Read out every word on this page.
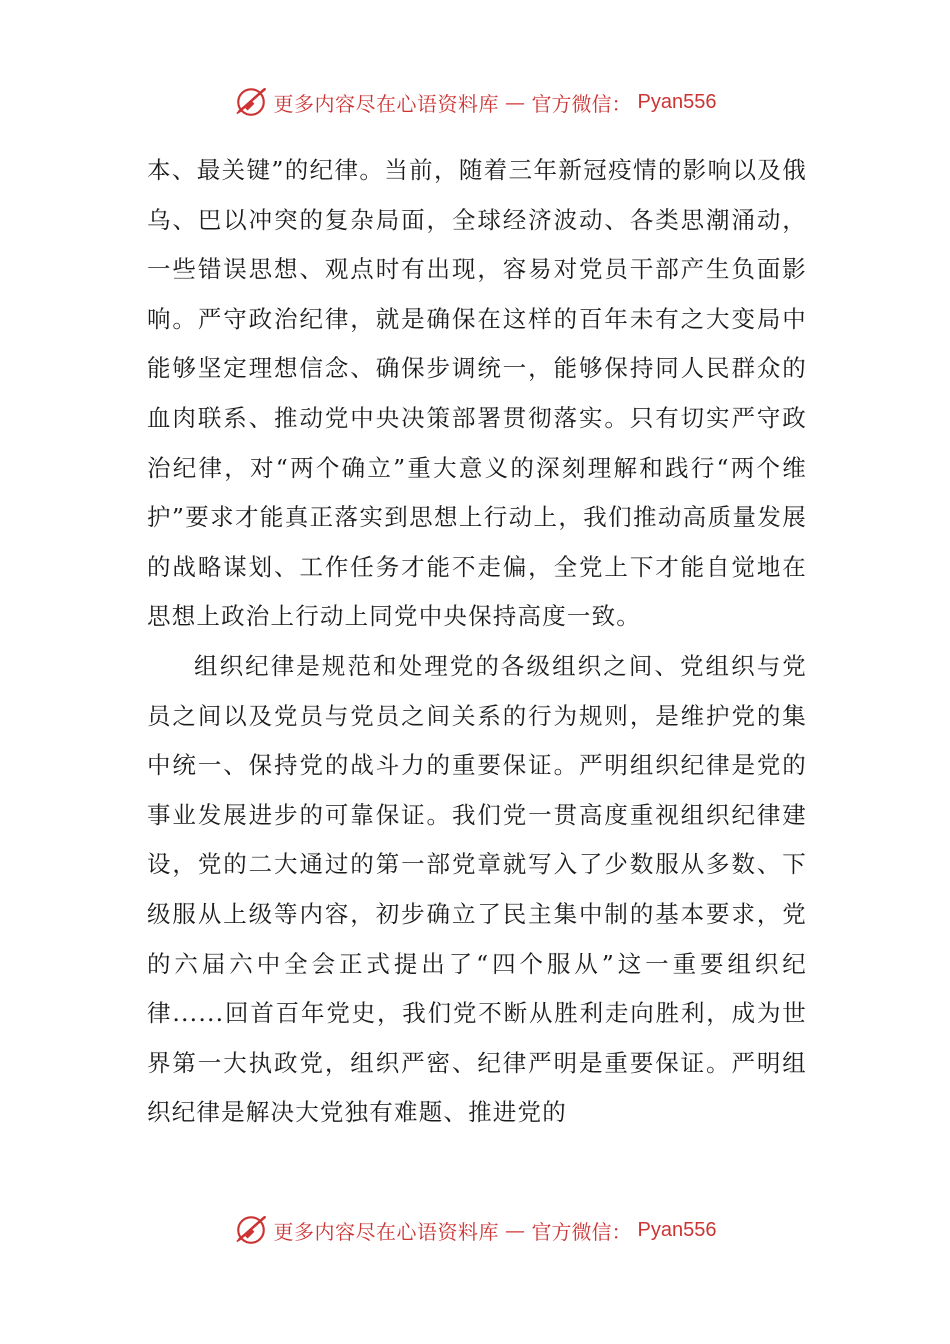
更多内容尽在心语资料库 — 官方微信： Pyan556

本、最关键”的纪律。当前，随着三年新冠疫情的影响以及俄乌、巴以冲突的复杂局面，全球经济波动、各类思潮涌动，一些错误思想、观点时有出现，容易对党员干部产生负面影响。严守政治纪律，就是确保在这样的百年未有之大变局中能够坚定理想信念、确保步调统一，能够保持同人民群众的血肉联系、推动党中央决策部署贯彻落实。只有切实严守政治纪律，对“两个确立”重大意义的深刻理解和践行“两个维护”要求才能真正落实到思想上行动上，我们推动高质量发展的战略谋划、工作任务才能不走偏，全党上下才能自觉地在思想上政治上行动上同党中央保持高度一致。

组织纪律是规范和处理党的各级组织之间、党组织与党员之间以及党员与党员之间关系的行为规则，是维护党的集中统一、保持党的战斗力的重要保证。严明组织纪律是党的事业发展进步的可靠保证。我们党一贯高度重视组织纪律建设，党的二大通过的第一部党章就写入了少数服从多数、下级服从上级等内容，初步确立了民主集中制的基本要求，党的六届六中全会正式提出了“四个服从”这一重要组织纪律......回首百年党史，我们党不断从胜利走向胜利，成为世界第一大执政党，组织严密、纪律严明是重要保证。严明组织纪律是解决大党独有难题、推进党的

更多内容尽在心语资料库 — 官方微信： Pyan556
